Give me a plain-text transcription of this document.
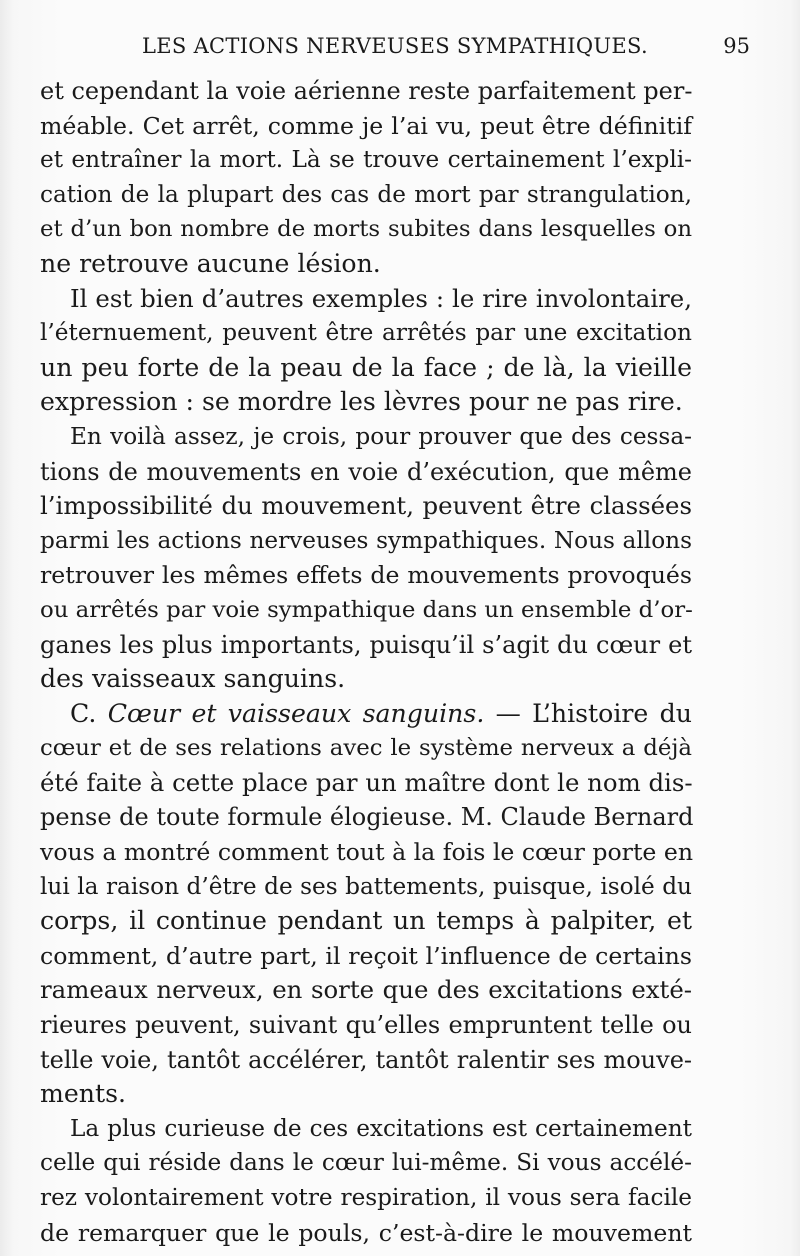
LES ACTIONS NERVEUSES SYMPATHIQUES.	95
et cependant la voie aérienne reste parfaitement per-
méable. Cet arrêt, comme je l’ai vu, peut être définitif
et entraîner la mort. Là se trouve certainement l’expli-
cation de la plupart des cas de mort par strangulation,
et d’un bon nombre de morts subites dans lesquelles on
ne retrouve aucune lésion.
Il est bien d’autres exemples : le rire involontaire,
l’éternuement, peuvent être arrêtés par une excitation
un peu forte de la peau de la face ; de là, la vieille
expression : se mordre les lèvres pour ne pas rire.
En voilà assez, je crois, pour prouver que des cessa-
tions de mouvements en voie d’exécution, que même
l’impossibilité du mouvement, peuvent être classées
parmi les actions nerveuses sympathiques. Nous allons
retrouver les mêmes effets de mouvements provoqués
ou arrêtés par voie sympathique dans un ensemble d’or-
ganes les plus importants, puisqu’il s’agit du cœur et
des vaisseaux sanguins.
C. Cœur et vaisseaux sanguins. — L’histoire du
cœur et de ses relations avec le système nerveux a déjà
été faite à cette place par un maître dont le nom dis-
pense de toute formule élogieuse. M. Claude Bernard
vous a montré comment tout à la fois le cœur porte en
lui la raison d’être de ses battements, puisque, isolé du
corps, il continue pendant un temps à palpiter, et
comment, d’autre part, il reçoit l’influence de certains
rameaux nerveux, en sorte que des excitations exté-
rieures peuvent, suivant qu’elles empruntent telle ou
telle voie, tantôt accélérer, tantôt ralentir ses mouve-
ments.
La plus curieuse de ces excitations est certainement
celle qui réside dans le cœur lui-même. Si vous accélé-
rez volontairement votre respiration, il vous sera facile
de remarquer que le pouls, c’est-à-dire le mouvement
